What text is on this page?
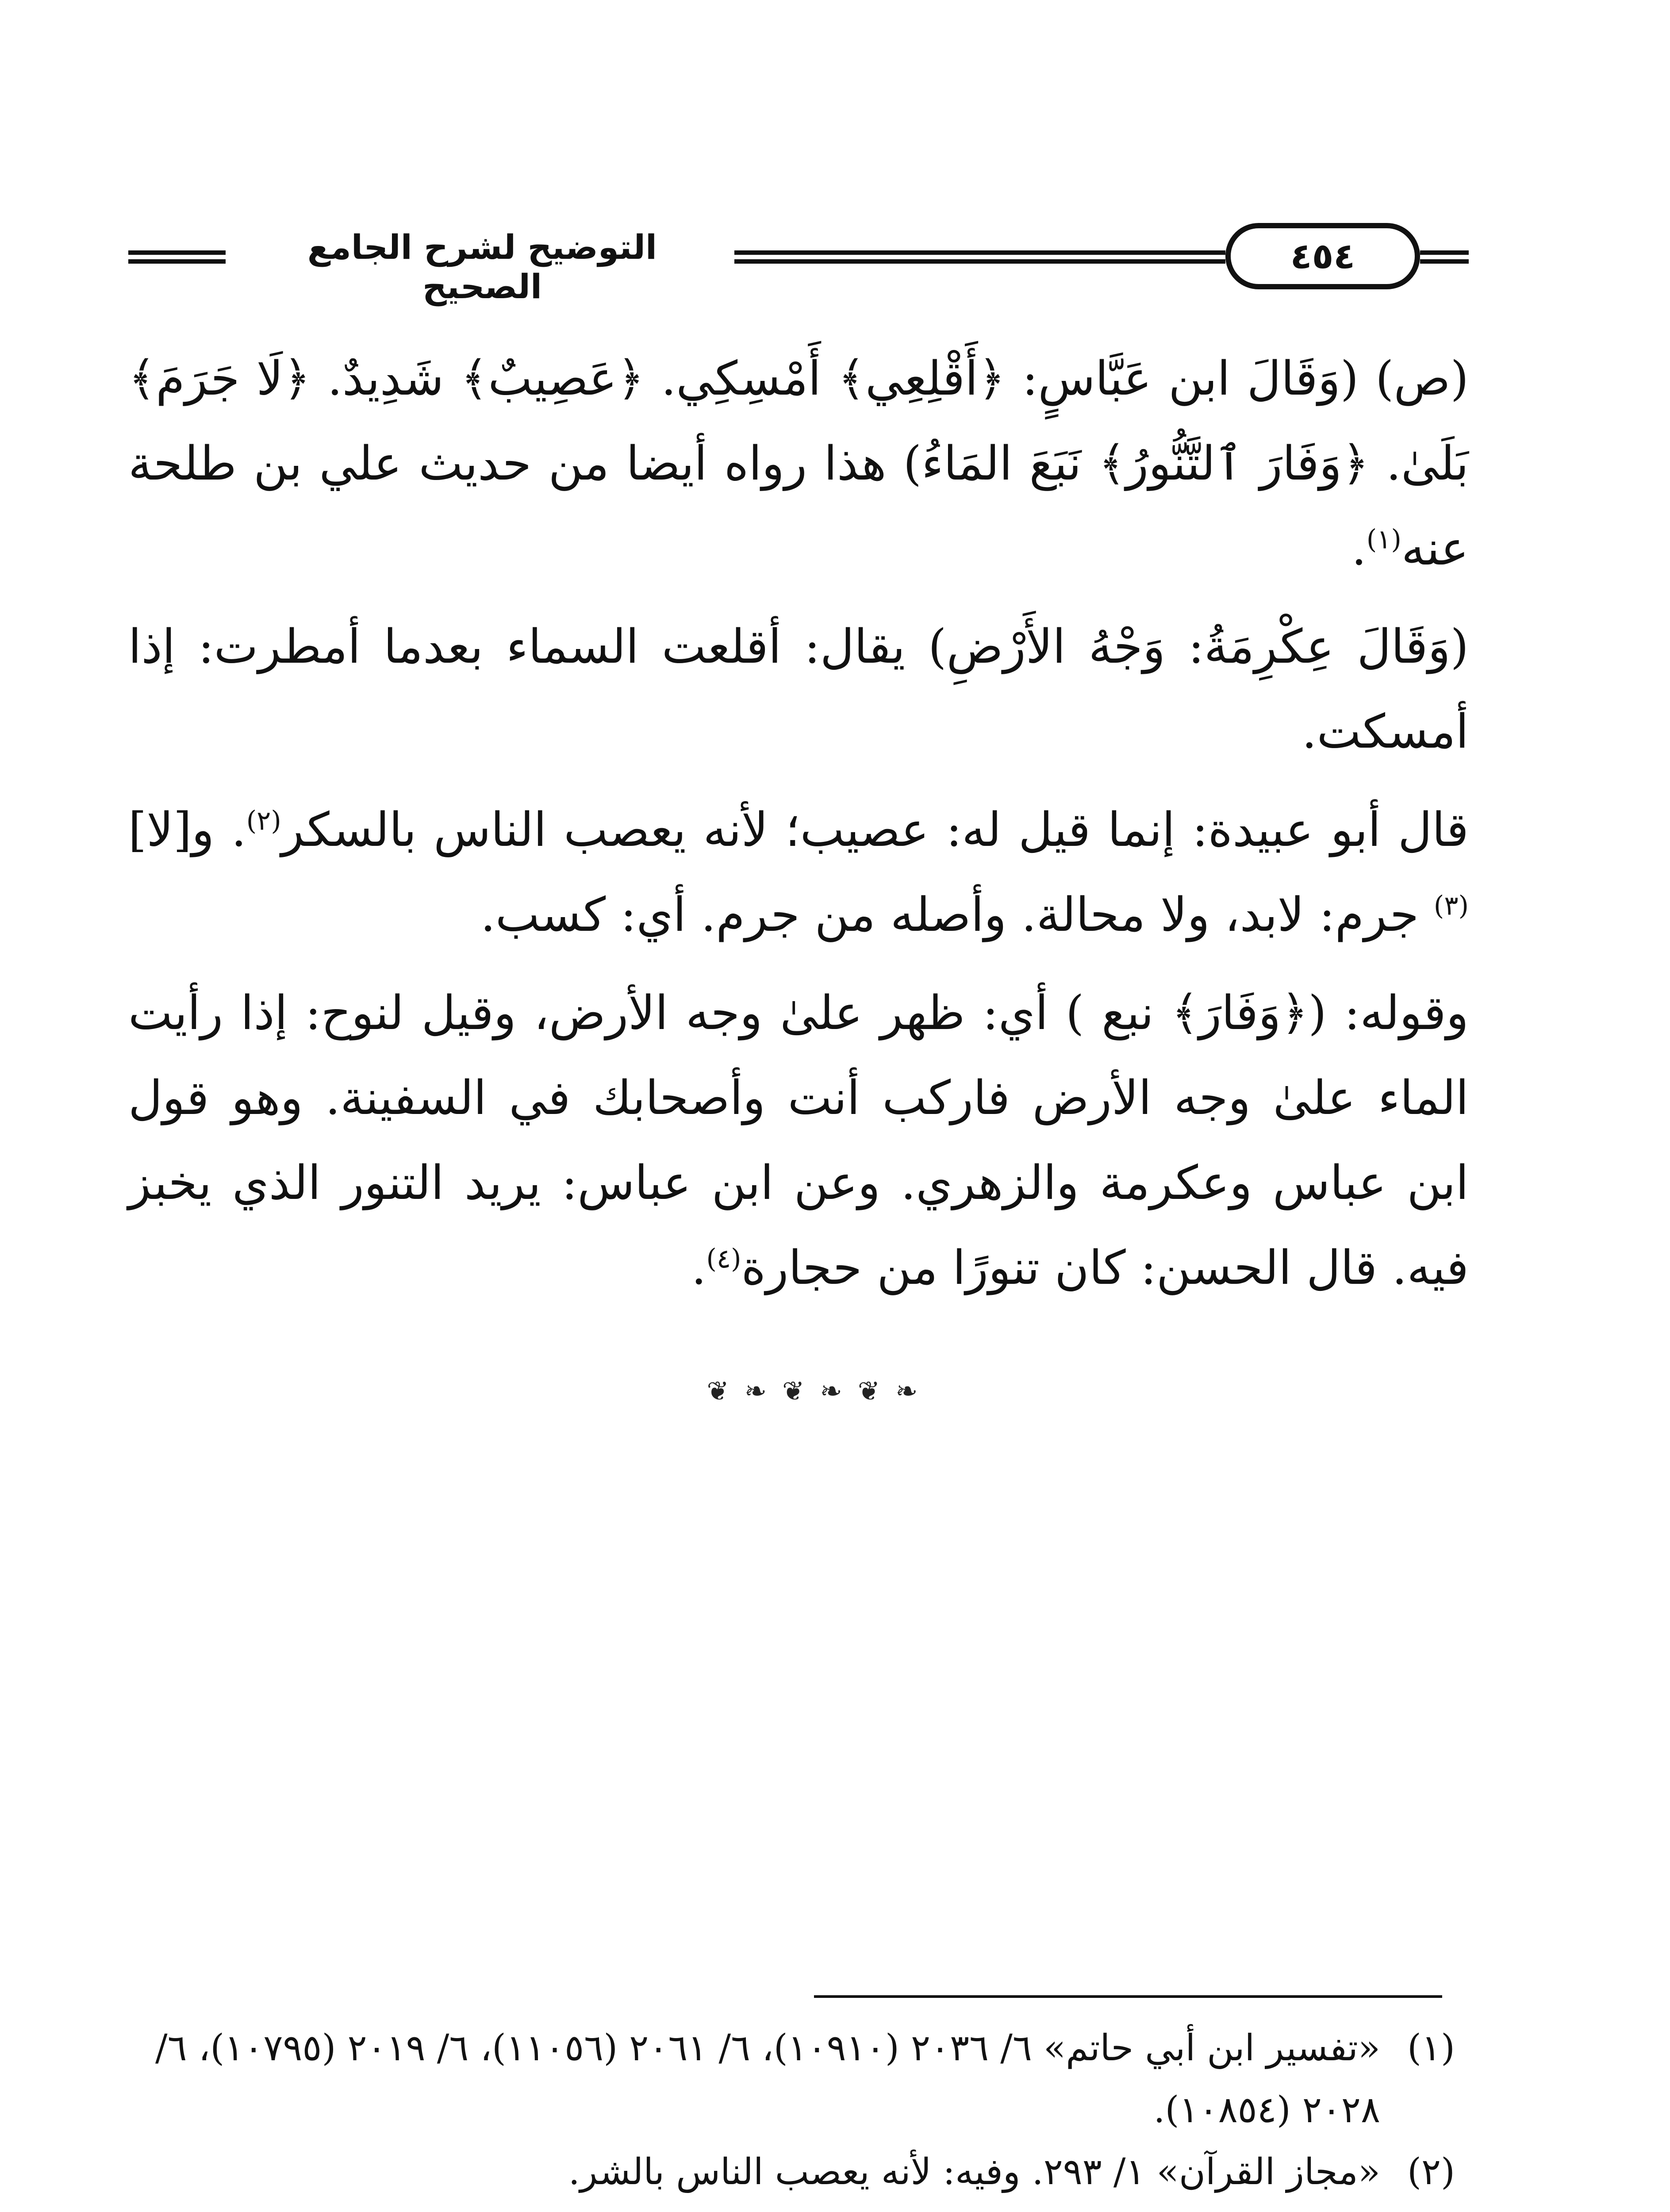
التوضيح لشرح الجامع الصحيح
٤٥٤

(ص) (وَقَالَ ابن عَبَّاسٍ: ﴿أَقْلِعِي﴾ أَمْسِكِي. ﴿عَصِيبٌ﴾ شَدِيدٌ. ﴿لَا جَرَمَ﴾ بَلَىٰ. ﴿وَفَارَ ٱلتَّنُّورُ﴾ نَبَعَ المَاءُ) هذا رواه أيضا من حديث علي بن طلحة عنه$^{(١)}$.

(وَقَالَ عِكْرِمَةُ: وَجْهُ الأَرْضِ) يقال: أقلعت السماء بعدما أمطرت: إذا أمسكت.

قال أبو عبيدة: إنما قيل له: عصيب؛ لأنه يعصب الناس بالسكر$^{(٢)}$. و[لا]$^{(٣)}$ جرم: لابد، ولا محالة. وأصله من جرم. أي: كسب.

وقوله: (﴿وَفَارَ﴾ نبع ) أي: ظهر علىٰ وجه الأرض، وقيل لنوح: إذا رأيت الماء علىٰ وجه الأرض فاركب أنت وأصحابك في السفينة. وهو قول ابن عباس وعكرمة والزهري. وعن ابن عباس: يريد التنور الذي يخبز فيه. قال الحسن: كان تنورًا من حجارة$^{(٤)}$.

❦ ❧ ❦ ❧ ❦ ❧
(١)
«تفسير ابن أبي حاتم» ٦/ ٢٠٣٦ (١٠٩١٠)، ٦/ ٢٠٦١ (١١٠٥٦)، ٦/ ٢٠١٩ (١٠٧٩٥)، ٦/ ٢٠٢٨ (١٠٨٥٤).
(٢)
«مجاز القرآن» ١/ ٢٩٣. وفيه: لأنه يعصب الناس بالشر.
